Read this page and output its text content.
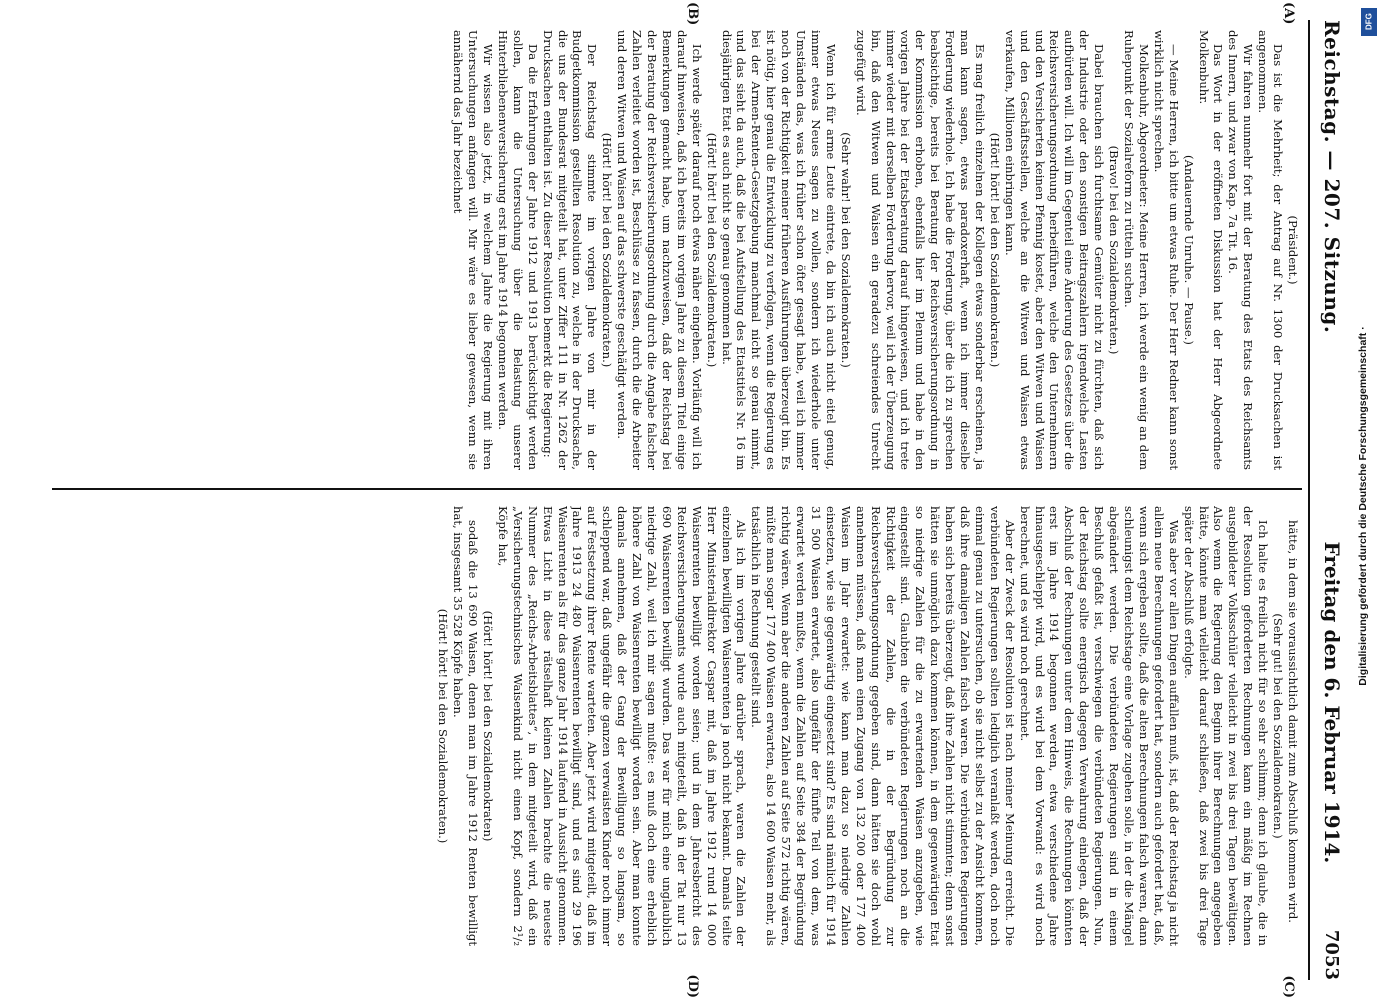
Reichstag. — 207. Sitzung.
Freitag den 6. Februar 1914.
7053
(A)
(B)
(C)
(D)

(Präsident.)

Das ist die Mehrheit; der Antrag auf Nr. 1300 der Drucksachen ist angenommen.

Wir fahren nunmehr fort mit der Beratung des Etats des Reichsamts des Innern, und zwar von Kap. 7a Tit. 16.

Das Wort in der eröffneten Diskussion hat der Herr Abgeordnete Molkenbuhr.

(Andauernde Unruhe. — Pause.)

— Meine Herren, ich bitte um etwas Ruhe. Der Herr Redner kann sonst wirklich nicht sprechen.

Molkenbuhr, Abgeordneter: Meine Herren, ich werde ein wenig an dem Ruhepunkt der Sozialreform zu rütteln suchen.

(Bravo! bei den Sozialdemokraten.)

Dabei brauchen sich furchtsame Gemüter nicht zu fürchten, daß sich der Industrie oder den sonstigen Beitragszahlern irgendwelche Lasten aufbürden will. Ich will im Gegenteil eine Änderung des Gesetzes über die Reichsversicherungsordnung herbeiführen, welche den Unternehmern und den Versicherten keinen Pfennig kostet, aber den Witwen und Waisen und den Geschäftsstellen, welche an die Witwen und Waisen etwas verkaufen, Millionen einbringen kann.

(Hört! hört! bei den Sozialdemokraten.)

Es mag freilich einzelnen der Kollegen etwas sonderbar erscheinen, ja man kann sagen, etwas paradoxerhaft, wenn ich immer dieselbe Forderung wiederhole. Ich habe die Forderung, über die ich zu sprechen beabsichtige, bereits bei Beratung der Reichsversicherungsordnung in der Kommission erhoben, ebenfalls hier im Plenum und habe in den vorigen Jahre bei der Etatsberatung darauf hingewiesen, und ich trete immer wieder mit derselben Forderung hervor, weil ich der Überzeugung bin, daß den Witwen und Waisen ein geradezu schreiendes Unrecht zugefügt wird.

(Sehr wahr! bei den Sozialdemokraten.)

Wenn ich für arme Leute eintrete, da bin ich auch nicht eitel genug, immer etwas Neues sagen zu wollen, sondern ich wiederhole unter Umständen das, was ich früher schon öfter gesagt habe, weil ich immer noch von der Richtigkeit meiner früheren Ausführungen überzeugt bin. Es ist nötig, hier genau die Entwicklung zu verfolgen, wenn die Regierung es bei der Armen-Renten-Gesetzgebung manchmal nicht so genau nimmt, und das sieht da auch, daß die bei Aufstellung des Etatstitels Nr. 16 im diesjährigen Etat es auch nicht so genau genommen hat.

(Hört! hört! bei den Sozialdemokraten.)

Ich werde später darauf noch etwas näher eingehen. Vorläufig will ich darauf hinweisen, daß ich bereits im vorigen Jahre zu diesem Titel einige Bemerkungen gemacht habe, um nachzuweisen, daß der Reichstag bei der Beratung der Reichsversicherungsordnung durch die Angabe falscher Zahlen verleitet worden ist, Beschlüsse zu fassen, durch die die Arbeiter und deren Witwen und Waisen auf das schwerste geschädigt werden.

(Hört! hört! bei den Sozialdemokraten.)

Der Reichstag stimmte im vorigen Jahre von mir in der Budgetkommission gestellten Resolution zu, welche in der Drucksache, die uns der Bundesrat mitgeteilt hat, unter Ziffer 111 in Nr. 1262 der Drucksachen enthalten ist. Zu dieser Resolution bemerkt die Regierung:

Da die Erfahrungen der Jahre 1912 und 1913 berücksichtigt werden sollen, kann die Untersuchung über die Belastung unserer Hinterbliebenenversicherung erst im Jahre 1914 begonnen werden.

Wir wissen also jetzt, in welchem Jahre die Regierung mit ihren Untersuchungen anfangen will. Mir wäre es lieber gewesen, wenn sie annähernd das Jahr bezeichnet

hätte, in dem sie voraussichtlich damit zum Abschluß kommen wird.

(Sehr gut! bei den Sozialdemokraten.)

Ich halte es freilich nicht für so sehr schlimm; denn ich glaube, die in der Resolution geforderten Rechnungen kann ein mäßig im Rechnen ausgebildeter Volksschüler vielleicht in zwei bis drei Tagen bewältigen. Also wenn die Regierung den Beginn ihrer Berechnungen angegeben hätte, könnte man vielleicht darauf schließen, daß zwei bis drei Tage später der Abschluß erfolgte.

Was aber vor allen Dingen auffallen muß, ist, daß der Reichstag ja nicht allein neue Berechnungen gefordert hat, sondern auch gefordert hat, daß, wenn sich ergeben sollte, daß die alten Berechnungen falsch waren, dann schleunigst dem Reichstage eine Vorlage zugehen solle, in der die Mängel abgeändert werden. Die verbündeten Regierungen sind in einem Beschluß gefaßt ist, verschwiegen die verbündeten Regierungen. Nun, der Reichstag sollte energisch dagegen Verwahrung einlegen, daß der Abschluß der Rechnungen unter dem Hinweis, die Rechnungen könnten erst im Jahre 1914 begonnen werden, etwa verschiedene Jahre hinausgeschleppt wird, und es wird bei dem Vorwand: es wird noch berechnet, und es wird noch gerechnet.

Aber der Zweck der Resolution ist nach meiner Meinung erreicht. Die verbündeten Regierungen sollten lediglich veranlaßt werden, doch noch einmal genau zu untersuchen, ob sie nicht selbst zu der Ansicht kommen, daß ihre damaligen Zahlen falsch waren. Die verbündeten Regierungen haben sich bereits überzeugt, daß ihre Zahlen nicht stimmten; denn sonst hätten sie unmöglich dazu kommen können, in dem gegenwärtigen Etat so niedrige Zahlen für die zu erwartenden Waisen anzugeben, wie eingestellt sind. Glaubten die verbündeten Regierungen noch an die Richtigkeit der Zahlen, die in der Begründung zur Reichsversicherungsordnung gegeben sind, dann hätten sie doch wohl annehmen müssen, daß man einen Zugang von 132 200 oder 177 400 Waisen im Jahr erwartet: wie kann man dazu so niedrige Zahlen einsetzen, wie sie gegenwärtig eingesetzt sind? Es sind nämlich für 1914 31 500 Waisen erwartet, also ungefähr der fünfte Teil von dem, was erwartet werden mußte, wenn die Zahlen auf Seite 384 der Begründung richtig wären. Wenn aber die anderen Zahlen auf Seite 572 richtig wären, müßte man sogar 177 400 Waisen erwarten, also 14 600 Waisen mehr, als tatsächlich in Rechnung gestellt sind.

Als ich im vorigen Jahre darüber sprach, waren die Zahlen der einzelnen bewilligten Waisenrenten ja noch nicht bekannt. Damals teilte Herr Ministerialdirektor Caspar mit, daß im Jahre 1912 rund 14 000 Waisenrenten bewilligt worden seien; und in dem Jahresbericht des Reichsversicherungsamts wurde auch mitgeteilt, daß in der Tat nur 13 690 Waisenrenten bewilligt wurden. Das war für mich eine unglaublich niedrige Zahl, weil ich mir sagen mußte: es muß doch eine erheblich höhere Zahl von Waisenrenten bewilligt worden sein. Aber man konnte damals annehmen, daß der Gang der Bewilligung so langsam, so schleppend war, daß ungefähr die ganzen verwaisten Kinder noch immer auf Festsetzung ihrer Rente warteten. Aber jetzt wird mitgeteilt, daß im Jahre 1913 24 480 Waisenrenten bewilligt sind, und es sind 29 196 Waisenrenten als für das ganze Jahr 1914 laufend in Aussicht genommen. Etwas Licht in diese rätselhaft kleinen Zahlen brachte die neueste Nummer des „Reichs-Arbeitsblattes“, in dem mitgeteilt wird, daß ein „Versicherungstechnisches Waisenkind nicht einen Kopf, sondern 2¹/₂ Köpfe hat,

(Hört! hört! bei den Sozialdemokraten)

sodaß die 13 690 Waisen, denen man im Jahre 1912 Renten bewilligt hat, insgesamt 35 528 Köpfe haben.

(Hört! hört! bei den Sozialdemokraten.)

DFG
Digitalisierung gefördert durch die Deutsche Forschungsgemeinschaft ·
